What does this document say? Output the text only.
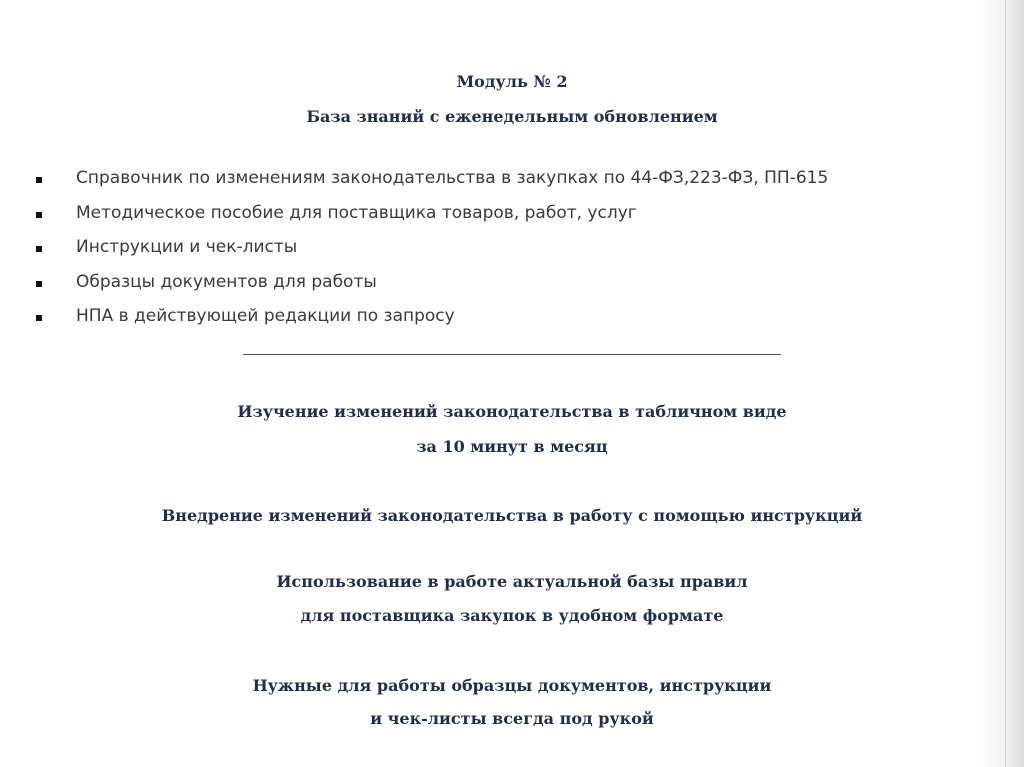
Модуль № 2
База знаний с еженедельным обновлением
Справочник по изменениям законодательства в закупках по 44-ФЗ,223-ФЗ, ПП-615
Методическое пособие для поставщика товаров, работ, услуг
Инструкции и чек-листы
Образцы документов для работы
НПА в действующей редакции по запросу

Изучение изменений законодательства в табличном виде

за 10 минут в месяц

Внедрение изменений законодательства в работу с помощью инструкций

Использование в работе актуальной базы правил

для поставщика закупок в удобном формате

Нужные для работы образцы документов, инструкции

и чек-листы всегда под рукой
